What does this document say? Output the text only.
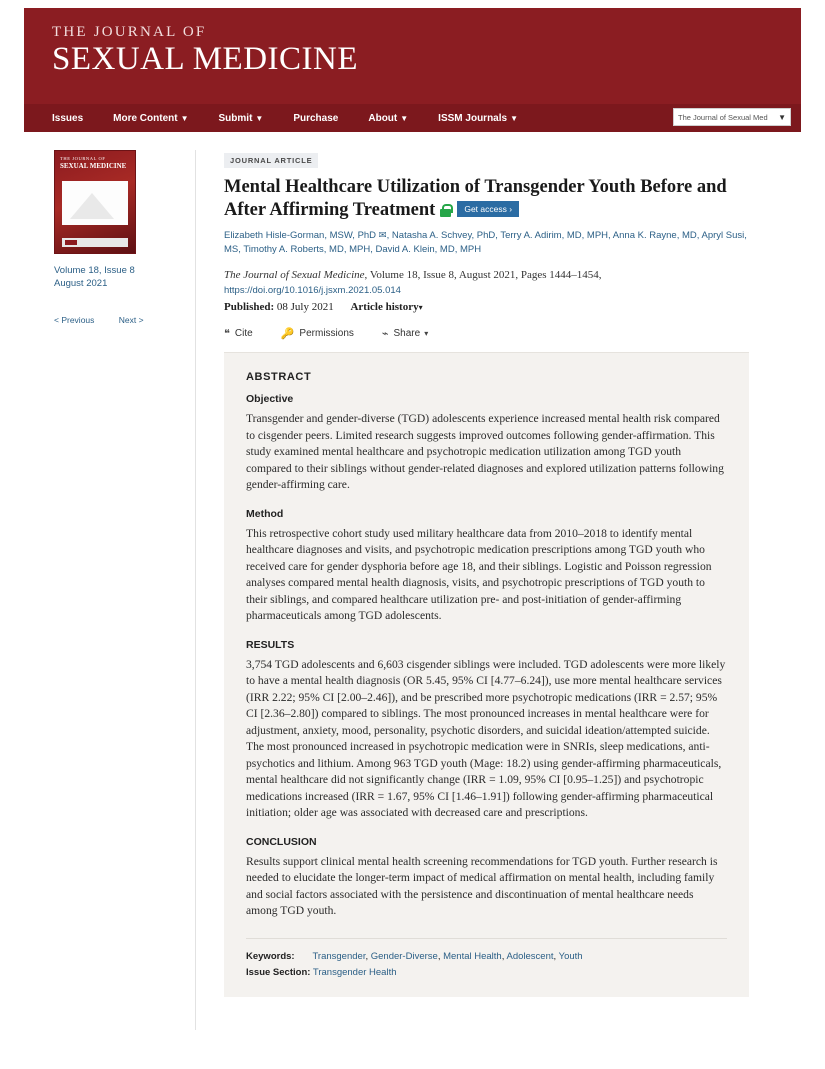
THE JOURNAL OF
SEXUAL MEDICINE
Issues	More Content ▼	Submit ▼	Purchase	About ▼	ISSM Journals ▼	The Journal of Sexual Med ▼
THE JOURNAL OF
SEXUAL MEDICINE
Volume 18, Issue 8
August 2021
< Previous	Next >
JOURNAL ARTICLE
Mental Healthcare Utilization of Transgender Youth Before and After Affirming Treatment	Get access ›
Elizabeth Hisle-Gorman, MSW, PhD ✉, Natasha A. Schvey, PhD, Terry A. Adirim, MD, MPH, Anna K. Rayne, MD, Apryl Susi, MS, Timothy A. Roberts, MD, MPH, David A. Klein, MD, MPH
The Journal of Sexual Medicine, Volume 18, Issue 8, August 2021, Pages 1444–1454,
https://doi.org/10.1016/j.jsxm.2021.05.014
Published: 08 July 2021 Article history▾
❝ Cite	🔑 Permissions	⌁ Share ▾
ABSTRACT
Objective

Transgender and gender-diverse (TGD) adolescents experience increased mental health risk compared to cisgender peers. Limited research suggests improved outcomes following gender-affirmation. This study examined mental healthcare and psychotropic medication utilization among TGD youth compared to their siblings without gender-related diagnoses and explored utilization patterns following gender-affirming care.

Method

This retrospective cohort study used military healthcare data from 2010–2018 to identify mental healthcare diagnoses and visits, and psychotropic medication prescriptions among TGD youth who received care for gender dysphoria before age 18, and their siblings. Logistic and Poisson regression analyses compared mental health diagnosis, visits, and psychotropic prescriptions of TGD youth to their siblings, and compared healthcare utilization pre- and post-initiation of gender-affirming pharmaceuticals among TGD adolescents.

RESULTS

3,754 TGD adolescents and 6,603 cisgender siblings were included. TGD adolescents were more likely to have a mental health diagnosis (OR 5.45, 95% CI [4.77–6.24]), use more mental healthcare services (IRR 2.22; 95% CI [2.00–2.46]), and be prescribed more psychotropic medications (IRR = 2.57; 95% CI [2.36–2.80]) compared to siblings. The most pronounced increases in mental healthcare were for adjustment, anxiety, mood, personality, psychotic disorders, and suicidal ideation/attempted suicide. The most pronounced increased in psychotropic medication were in SNRIs, sleep medications, anti-psychotics and lithium. Among 963 TGD youth (Mage: 18.2) using gender-affirming pharmaceuticals, mental healthcare did not significantly change (IRR = 1.09, 95% CI [0.95–1.25]) and psychotropic medications increased (IRR = 1.67, 95% CI [1.46–1.91]) following gender-affirming pharmaceutical initiation; older age was associated with decreased care and prescriptions.

CONCLUSION

Results support clinical mental health screening recommendations for TGD youth. Further research is needed to elucidate the longer-term impact of medical affirmation on mental health, including family and social factors associated with the persistence and discontinuation of mental healthcare needs among TGD youth.

Keywords: Transgender, Gender-Diverse, Mental Health, Adolescent, Youth
Issue Section: Transgender Health
